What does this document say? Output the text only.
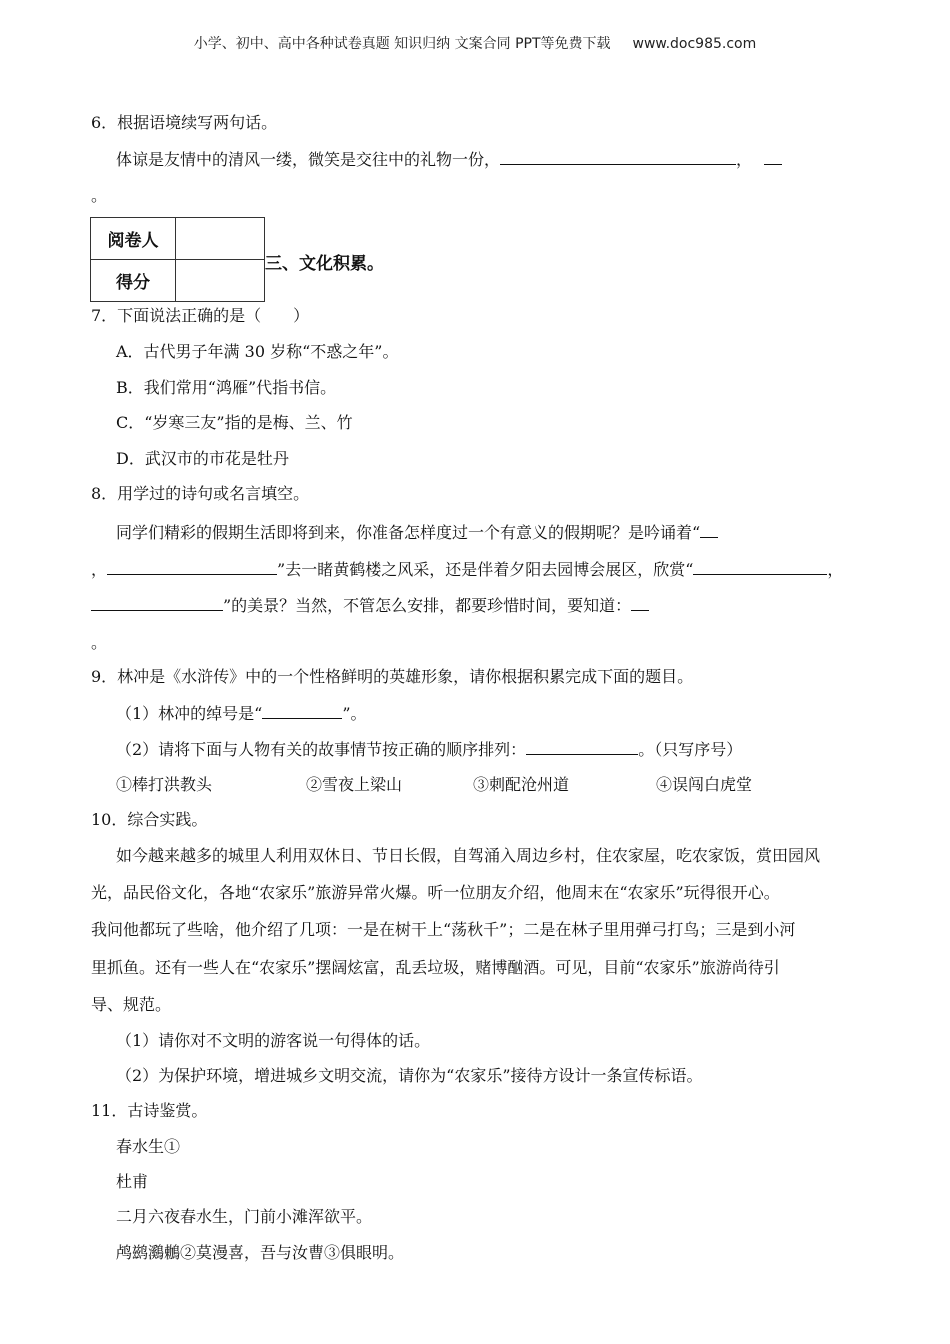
小学、初中、高中各种试卷真题 知识归纳 文案合同 PPT等免费下载 www.doc985.com
6．根据语境续写两句话。
体谅是友情中的清风一缕，微笑是交往中的礼物一份，	，
。
阅卷人	
得分	
三、文化积累。
7．下面说法正确的是（　　）
A．古代男子年满 30 岁称“不惑之年”。
B．我们常用“鸿雁”代指书信。
C．“岁寒三友”指的是梅、兰、竹
D．武汉市的市花是牡丹
8．用学过的诗句或名言填空。
同学们精彩的假期生活即将到来，你准备怎样度过一个有意义的假期呢？是吟诵着“
，	”去一睹黄鹤楼之风采，还是伴着夕阳去园博会展区，欣赏“	，
”的美景？当然，不管怎么安排，都要珍惜时间，要知道：
。
9．林冲是《水浒传》中的一个性格鲜明的英雄形象，请你根据积累完成下面的题目。
（1）林冲的绰号是“	”。
（2）请将下面与人物有关的故事情节按正确的顺序排列：	。（只写序号）
①棒打洪教头	②雪夜上梁山	③刺配沧州道	④误闯白虎堂
10．综合实践。
如今越来越多的城里人利用双休日、节日长假，自驾涌入周边乡村，住农家屋，吃农家饭，赏田园风
光，品民俗文化，各地“农家乐”旅游异常火爆。听一位朋友介绍，他周末在“农家乐”玩得很开心。
我问他都玩了些啥，他介绍了几项：一是在树干上“荡秋千”；二是在林子里用弹弓打鸟；三是到小河
里抓鱼。还有一些人在“农家乐”摆阔炫富，乱丢垃圾，赌博酗酒。可见，目前“农家乐”旅游尚待引
导、规范。
（1）请你对不文明的游客说一句得体的话。
（2）为保护环境，增进城乡文明交流，请你为“农家乐”接待方设计一条宣传标语。
11．古诗鉴赏。
春水生①
杜甫
二月六夜春水生，门前小滩浑欲平。
鸬鹚鸂鶒②莫漫喜，吾与汝曹③俱眼明。
